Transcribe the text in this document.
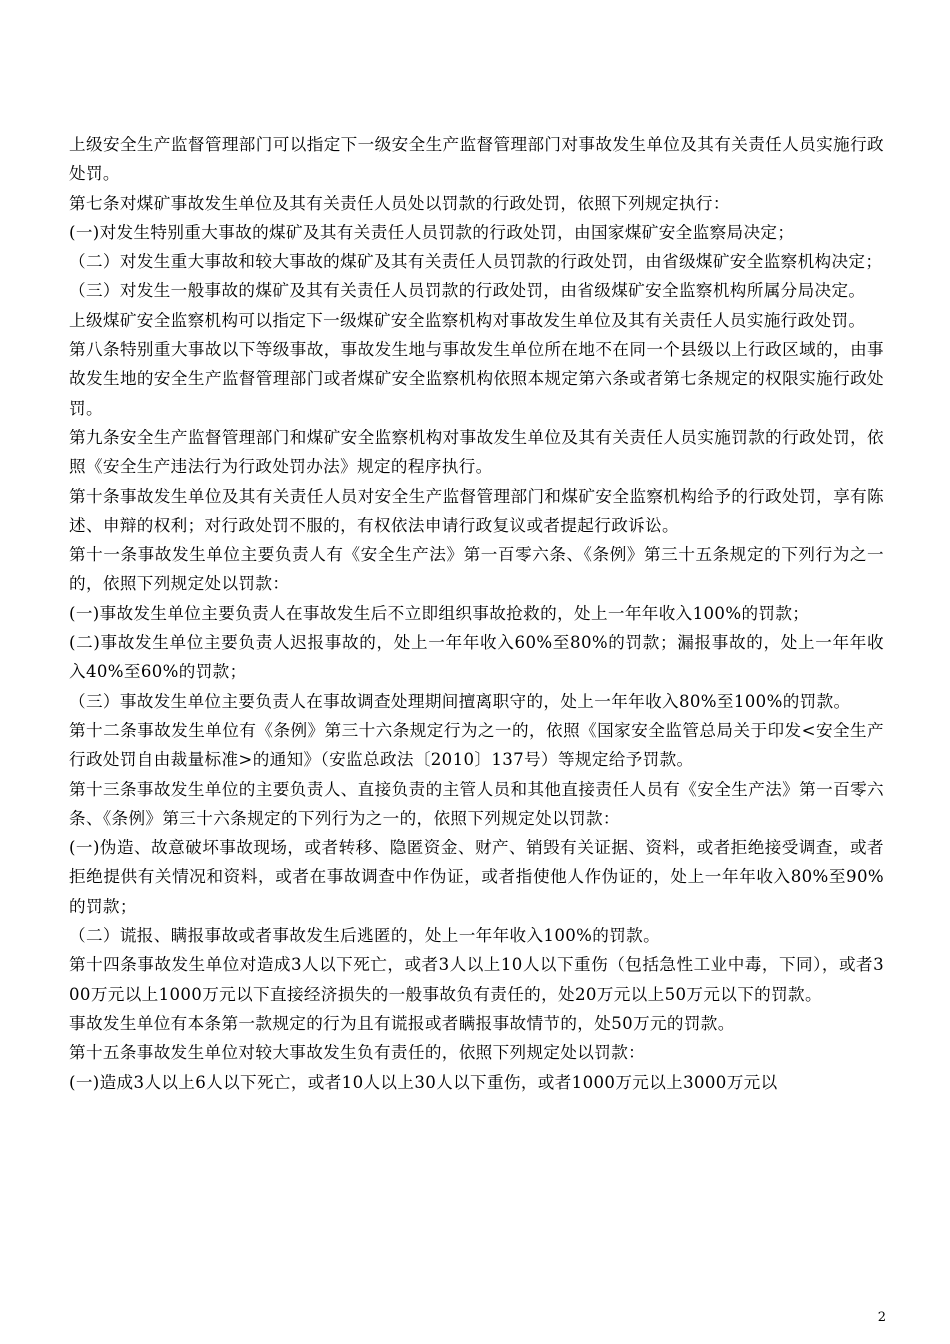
上级安全生产监督管理部门可以指定下一级安全生产监督管理部门对事故发生单位及其有关责任人员实施行政处罚。

第七条对煤矿事故发生单位及其有关责任人员处以罚款的行政处罚，依照下列规定执行：

(一)对发生特别重大事故的煤矿及其有关责任人员罚款的行政处罚，由国家煤矿安全监察局决定；

（二）对发生重大事故和较大事故的煤矿及其有关责任人员罚款的行政处罚，由省级煤矿安全监察机构决定；

（三）对发生一般事故的煤矿及其有关责任人员罚款的行政处罚，由省级煤矿安全监察机构所属分局决定。

上级煤矿安全监察机构可以指定下一级煤矿安全监察机构对事故发生单位及其有关责任人员实施行政处罚。

第八条特别重大事故以下等级事故，事故发生地与事故发生单位所在地不在同一个县级以上行政区域的，由事故发生地的安全生产监督管理部门或者煤矿安全监察机构依照本规定第六条或者第七条规定的权限实施行政处罚。

第九条安全生产监督管理部门和煤矿安全监察机构对事故发生单位及其有关责任人员实施罚款的行政处罚，依照《安全生产违法行为行政处罚办法》规定的程序执行。

第十条事故发生单位及其有关责任人员对安全生产监督管理部门和煤矿安全监察机构给予的行政处罚，享有陈述、申辩的权利；对行政处罚不服的，有权依法申请行政复议或者提起行政诉讼。

第十一条事故发生单位主要负责人有《安全生产法》第一百零六条、《条例》第三十五条规定的下列行为之一的，依照下列规定处以罚款：

(一)事故发生单位主要负责人在事故发生后不立即组织事故抢救的，处上一年年收入100%的罚款；

(二)事故发生单位主要负责人迟报事故的，处上一年年收入60%至80%的罚款；漏报事故的，处上一年年收入40%至60%的罚款；

（三）事故发生单位主要负责人在事故调查处理期间擅离职守的，处上一年年收入80%至100%的罚款。

第十二条事故发生单位有《条例》第三十六条规定行为之一的，依照《国家安全监管总局关于印发<安全生产行政处罚自由裁量标准>的通知》（安监总政法〔2010〕137号）等规定给予罚款。

第十三条事故发生单位的主要负责人、直接负责的主管人员和其他直接责任人员有《安全生产法》第一百零六条、《条例》第三十六条规定的下列行为之一的，依照下列规定处以罚款：

(一)伪造、故意破坏事故现场，或者转移、隐匿资金、财产、销毁有关证据、资料，或者拒绝接受调查，或者拒绝提供有关情况和资料，或者在事故调查中作伪证，或者指使他人作伪证的，处上一年年收入80%至90%的罚款；

（二）谎报、瞒报事故或者事故发生后逃匿的，处上一年年收入100%的罚款。

第十四条事故发生单位对造成3人以下死亡，或者3人以上10人以下重伤（包括急性工业中毒，下同），或者300万元以上1000万元以下直接经济损失的一般事故负有责任的，处20万元以上50万元以下的罚款。

事故发生单位有本条第一款规定的行为且有谎报或者瞒报事故情节的，处50万元的罚款。

第十五条事故发生单位对较大事故发生负有责任的，依照下列规定处以罚款：

(一)造成3人以上6人以下死亡，或者10人以上30人以下重伤，或者1000万元以上3000万元以

2
